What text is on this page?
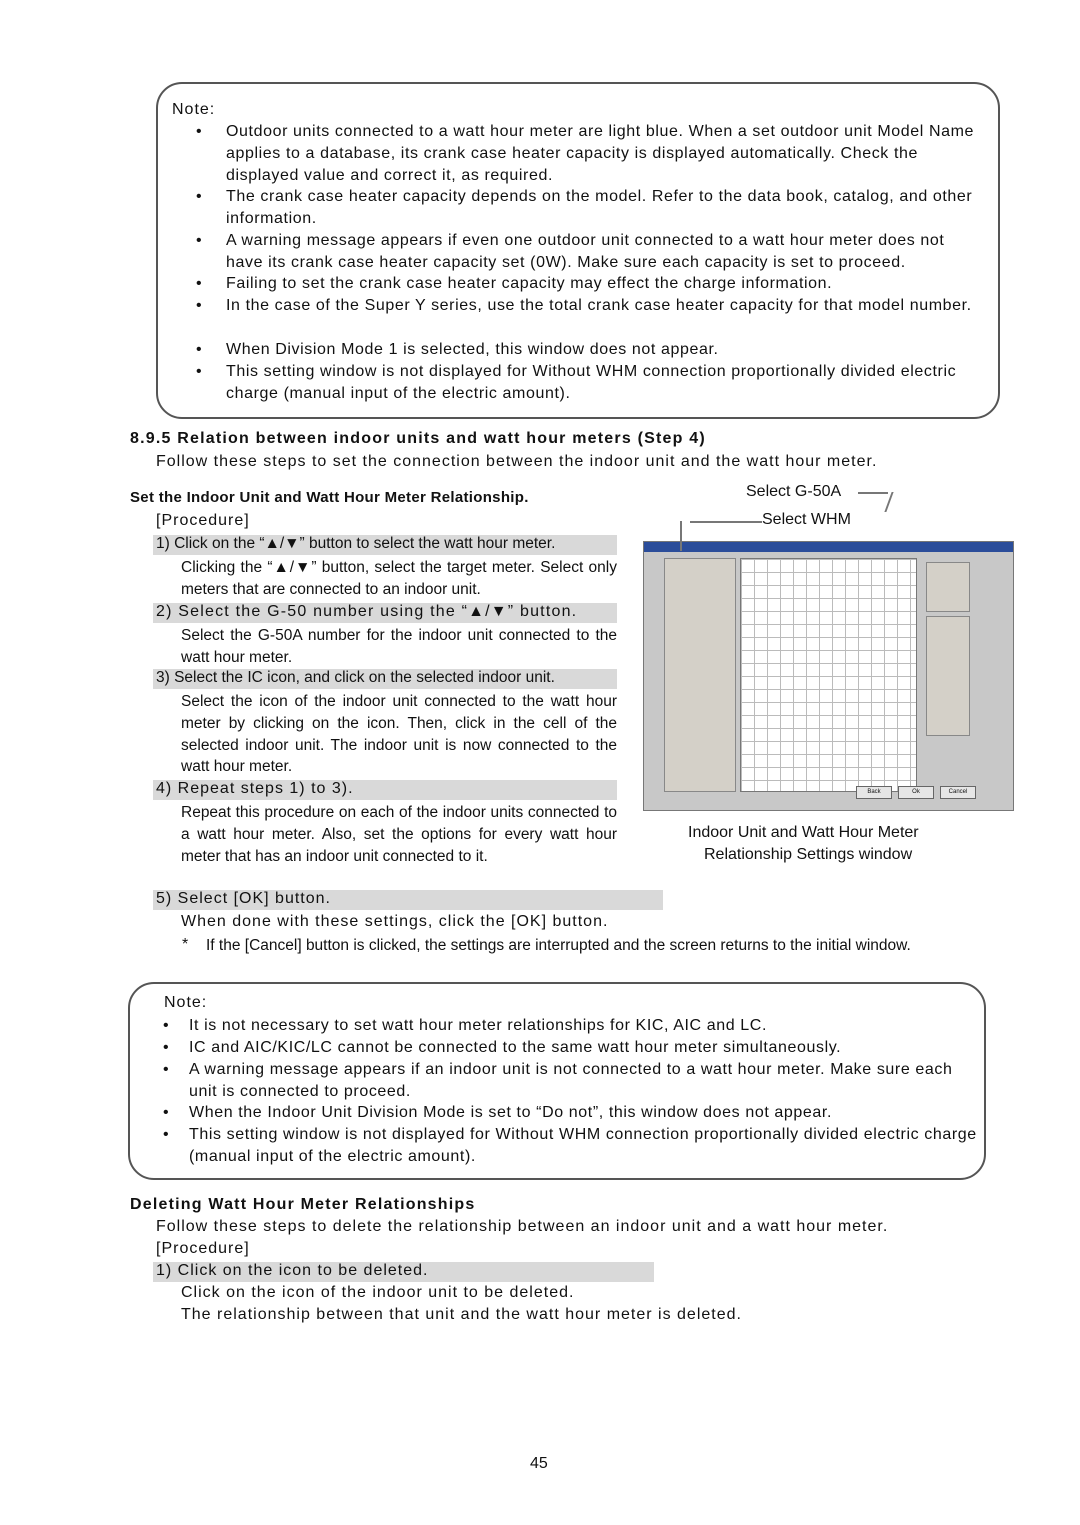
Note:
• Outdoor units connected to a watt hour meter are light blue. When a set outdoor unit Model Name applies to a database, its crank case heater capacity is displayed automatically. Check the displayed value and correct it, as required.
• The crank case heater capacity depends on the model. Refer to the data book, catalog, and other information.
• A warning message appears if even one outdoor unit connected to a watt hour meter does not have its crank case heater capacity set (0W). Make sure each capacity is set to proceed.
• Failing to set the crank case heater capacity may effect the charge information.
• In the case of the Super Y series, use the total crank case heater capacity for that model number.
• When Division Mode 1 is selected, this window does not appear.
• This setting window is not displayed for Without WHM connection proportionally divided electric charge (manual input of the electric amount).
8.9.5 Relation between indoor units and watt hour meters (Step 4)
Follow these steps to set the connection between the indoor unit and the watt hour meter.
Set the Indoor Unit and Watt Hour Meter Relationship.
[Procedure]
1) Click on the “▲/▼” button to select the watt hour meter.
Clicking the “▲/▼” button, select the target meter. Select only meters that are connected to an indoor unit.
2) Select the G-50 number using the “▲/▼” button.
Select the G-50A number for the indoor unit connected to the watt hour meter.
3) Select the IC icon, and click on the selected indoor unit.
Select the icon of the indoor unit connected to the watt hour meter by clicking on the icon. Then, click in the cell of the selected indoor unit. The indoor unit is now connected to the watt hour meter.
4) Repeat steps 1) to 3).
Repeat this procedure on each of the indoor units connected to a watt hour meter. Also, set the options for every watt hour meter that has an indoor unit connected to it.
5) Select [OK] button.
When done with these settings, click the [OK] button.
* If the [Cancel] button is clicked, the settings are interrupted and the screen returns to the initial window.
Select G-50A
Select WHM
Back	Ok	Cancel
Indoor Unit and Watt Hour Meter
Relationship Settings window
Note:
• It is not necessary to set watt hour meter relationships for KIC, AIC and LC.
• IC and AIC/KIC/LC cannot be connected to the same watt hour meter simultaneously.
• A warning message appears if an indoor unit is not connected to a watt hour meter. Make sure each unit is connected to proceed.
• When the Indoor Unit Division Mode is set to “Do not”, this window does not appear.
• This setting window is not displayed for Without WHM connection proportionally divided electric charge (manual input of the electric amount).
Deleting Watt Hour Meter Relationships
Follow these steps to delete the relationship between an indoor unit and a watt hour meter.
[Procedure]
1) Click on the icon to be deleted.
Click on the icon of the indoor unit to be deleted.
The relationship between that unit and the watt hour meter is deleted.
45
